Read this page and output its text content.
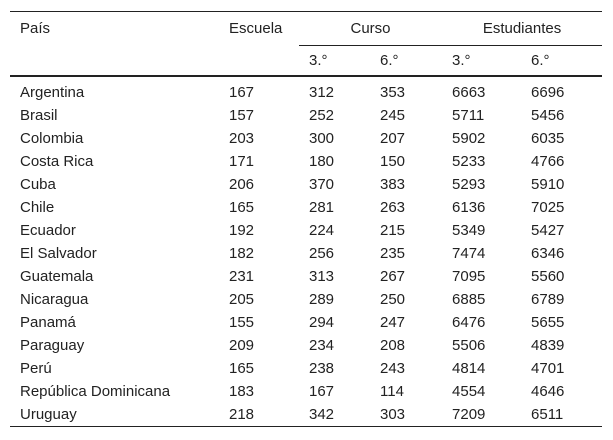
País	Escuela	Curso		Estudiantes	
		3.°	6.°	3.°	6.°
Argentina	167	312	353	6663	6696
Brasil	157	252	245	5711	5456
Colombia	203	300	207	5902	6035
Costa Rica	171	180	150	5233	4766
Cuba	206	370	383	5293	5910
Chile	165	281	263	6136	7025
Ecuador	192	224	215	5349	5427
El Salvador	182	256	235	7474	6346
Guatemala	231	313	267	7095	5560
Nicaragua	205	289	250	6885	6789
Panamá	155	294	247	6476	5655
Paraguay	209	234	208	5506	4839
Perú	165	238	243	4814	4701
República Dominicana	183	167	114	4554	4646
Uruguay	218	342	303	7209	6511
